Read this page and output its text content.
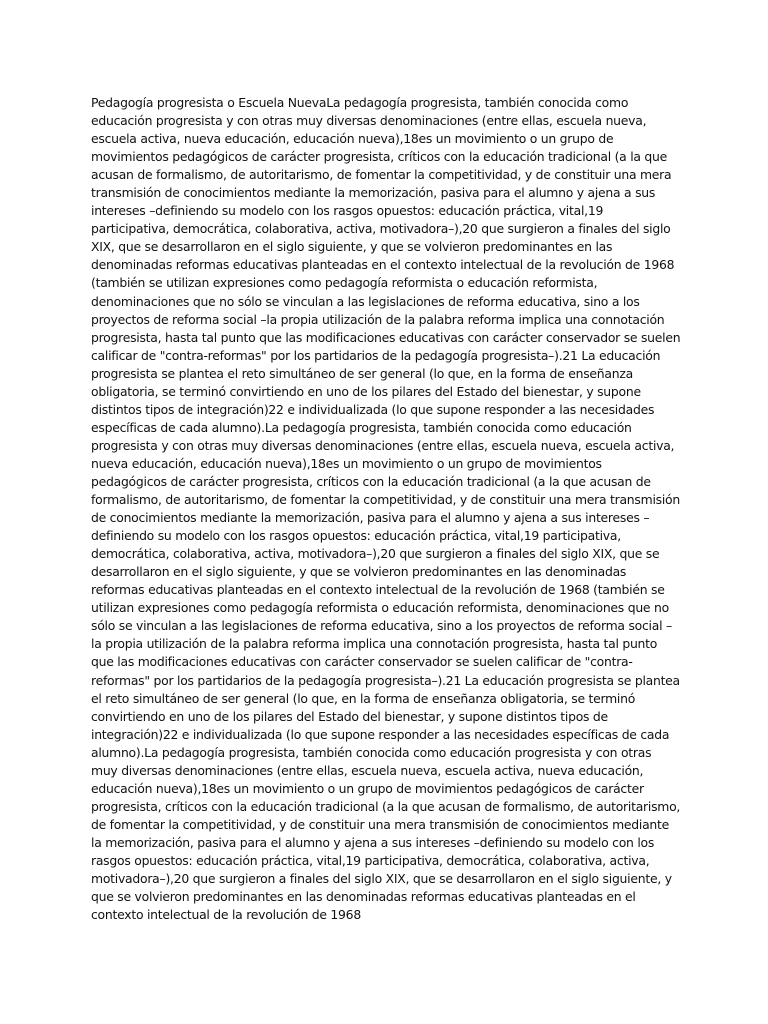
Pedagogía progresista o Escuela NuevaLa pedagogía progresista, también conocida como educación progresista y con otras muy diversas denominaciones (entre ellas, escuela nueva, escuela activa, nueva educación, educación nueva),18es un movimiento o un grupo de movimientos pedagógicos de carácter progresista, críticos con la educación tradicional (a la que acusan de formalismo, de autoritarismo, de fomentar la competitividad, y de constituir una mera transmisión de conocimientos mediante la memorización, pasiva para el alumno y ajena a sus intereses –definiendo su modelo con los rasgos opuestos: educación práctica, vital,19 participativa, democrática, colaborativa, activa, motivadora–),20 que surgieron a finales del siglo XIX, que se desarrollaron en el siglo siguiente, y que se volvieron predominantes en las denominadas reformas educativas planteadas en el contexto intelectual de la revolución de 1968 (también se utilizan expresiones como pedagogía reformista o educación reformista, denominaciones que no sólo se vinculan a las legislaciones de reforma educativa, sino a los proyectos de reforma social –la propia utilización de la palabra reforma implica una connotación progresista, hasta tal punto que las modificaciones educativas con carácter conservador se suelen calificar de "contra-reformas" por los partidarios de la pedagogía progresista–).21 La educación progresista se plantea el reto simultáneo de ser general (lo que, en la forma de enseñanza obligatoria, se terminó convirtiendo en uno de los pilares del Estado del bienestar, y supone distintos tipos de integración)22 e individualizada (lo que supone responder a las necesidades específicas de cada alumno).La pedagogía progresista, también conocida como educación progresista y con otras muy diversas denominaciones (entre ellas, escuela nueva, escuela activa, nueva educación, educación nueva),18es un movimiento o un grupo de movimientos pedagógicos de carácter progresista, críticos con la educación tradicional (a la que acusan de formalismo, de autoritarismo, de fomentar la competitividad, y de constituir una mera transmisión de conocimientos mediante la memorización, pasiva para el alumno y ajena a sus intereses –definiendo su modelo con los rasgos opuestos: educación práctica, vital,19 participativa, democrática, colaborativa, activa, motivadora–),20 que surgieron a finales del siglo XIX, que se desarrollaron en el siglo siguiente, y que se volvieron predominantes en las denominadas reformas educativas planteadas en el contexto intelectual de la revolución de 1968 (también se utilizan expresiones como pedagogía reformista o educación reformista, denominaciones que no sólo se vinculan a las legislaciones de reforma educativa, sino a los proyectos de reforma social –la propia utilización de la palabra reforma implica una connotación progresista, hasta tal punto que las modificaciones educativas con carácter conservador se suelen calificar de "contra-reformas" por los partidarios de la pedagogía progresista–).21 La educación progresista se plantea el reto simultáneo de ser general (lo que, en la forma de enseñanza obligatoria, se terminó convirtiendo en uno de los pilares del Estado del bienestar, y supone distintos tipos de integración)22 e individualizada (lo que supone responder a las necesidades específicas de cada alumno).La pedagogía progresista, también conocida como educación progresista y con otras muy diversas denominaciones (entre ellas, escuela nueva, escuela activa, nueva educación, educación nueva),18es un movimiento o un grupo de movimientos pedagógicos de carácter progresista, críticos con la educación tradicional (a la que acusan de formalismo, de autoritarismo, de fomentar la competitividad, y de constituir una mera transmisión de conocimientos mediante la memorización, pasiva para el alumno y ajena a sus intereses –definiendo su modelo con los rasgos opuestos: educación práctica, vital,19 participativa, democrática, colaborativa, activa, motivadora–),20 que surgieron a finales del siglo XIX, que se desarrollaron en el siglo siguiente, y que se volvieron predominantes en las denominadas reformas educativas planteadas en el contexto intelectual de la revolución de 1968
